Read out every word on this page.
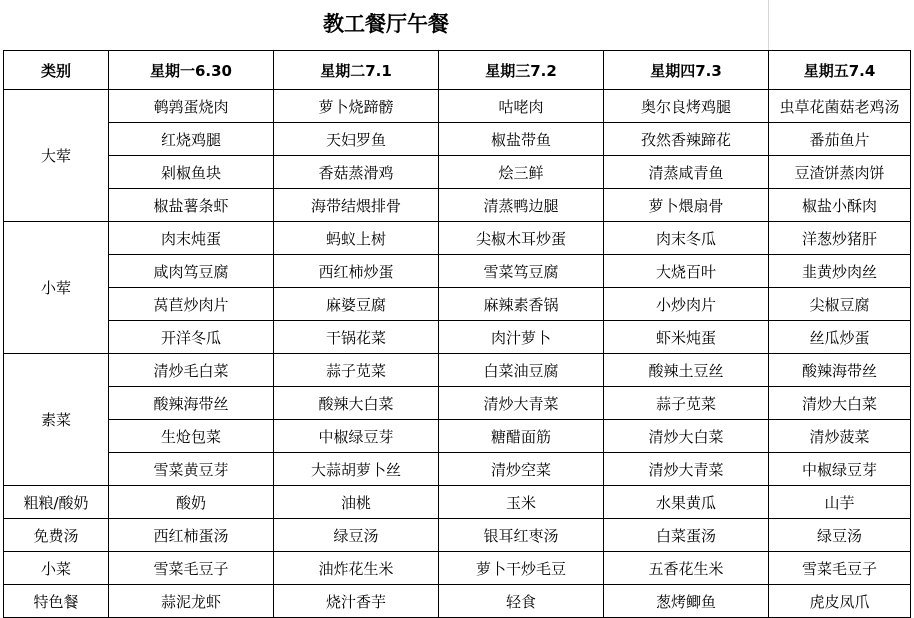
教工餐厅午餐
类别	星期一6.30	星期二7.1	星期三7.2	星期四7.3	星期五7.4
大荤	鹌鹑蛋烧肉	萝卜烧蹄髈	咕咾肉	奥尔良烤鸡腿	虫草花菌菇老鸡汤
	红烧鸡腿	天妇罗鱼	椒盐带鱼	孜然香辣蹄花	番茄鱼片
	剁椒鱼块	香菇蒸滑鸡	烩三鲜	清蒸咸青鱼	豆渣饼蒸肉饼
	椒盐薯条虾	海带结煨排骨	清蒸鸭边腿	萝卜煨扇骨	椒盐小酥肉
小荤	肉末炖蛋	蚂蚁上树	尖椒木耳炒蛋	肉末冬瓜	洋葱炒猪肝
	咸肉笃豆腐	西红柿炒蛋	雪菜笃豆腐	大烧百叶	韭黄炒肉丝
	莴苣炒肉片	麻婆豆腐	麻辣素香锅	小炒肉片	尖椒豆腐
	开洋冬瓜	干锅花菜	肉汁萝卜	虾米炖蛋	丝瓜炒蛋
素菜	清炒毛白菜	蒜子苋菜	白菜油豆腐	酸辣土豆丝	酸辣海带丝
	酸辣海带丝	酸辣大白菜	清炒大青菜	蒜子苋菜	清炒大白菜
	生炝包菜	中椒绿豆芽	糖醋面筋	清炒大白菜	清炒菠菜
	雪菜黄豆芽	大蒜胡萝卜丝	清炒空菜	清炒大青菜	中椒绿豆芽
粗粮/酸奶	酸奶	油桃	玉米	水果黄瓜	山芋
免费汤	西红柿蛋汤	绿豆汤	银耳红枣汤	白菜蛋汤	绿豆汤
小菜	雪菜毛豆子	油炸花生米	萝卜干炒毛豆	五香花生米	雪菜毛豆子
特色餐	蒜泥龙虾	烧汁香芋	轻食	葱烤鲫鱼	虎皮凤爪
